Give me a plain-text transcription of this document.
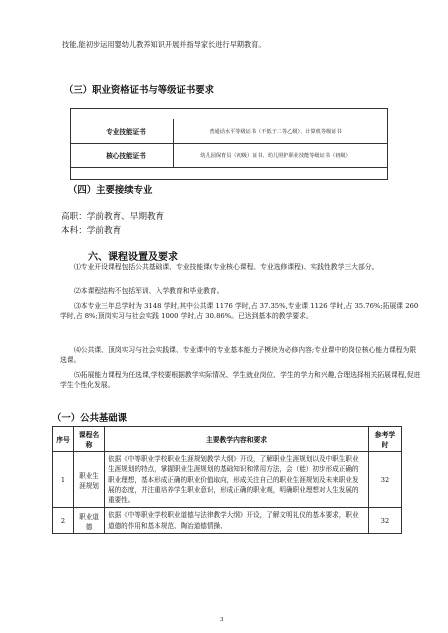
技能,能初步运用婴幼儿教养知识开展并指导家长进行早期教育。
（三）职业资格证书与等级证书要求
专业技能证书	普通话水平等级证书（不低于二等乙级）、计算机等级证书
核心技能证书	幼儿园保育员（初级）证书、幼儿照护职业技能等级证书（初级）
（四）主要接续专业
高职：学前教育、早期教育
本科：学前教育
六、课程设置及要求
⑴专业开设课程包括公共基础课、专业技能课(专业核心课程、专业选修课程)、实践性教学三大部分。
⑵本课程结构不包括军训、入学教育和毕业教育。
⑶本专业三年总学时为 3148 学时,其中公共课 1176 学时,占 37.35%,专业课 1126 学时,占 35.76%;拓展课 260 学时,占 8%;顶岗实习与社会实践 1000 学时,占 30.86%。已达到基本的教学要求。
⑷公共课、顶岗实习与社会实践课、专业课中的专业基本能力子模块为必修内容;专业课中的岗位核心能力课程为限选课。
⑸拓展能力课程为任选课,学校要根据教学实际情况、学生就业岗位、学生的学力和兴趣,合理选择相关拓展课程,促进学生个性化发展。
（一）公共基础课
序号	课程名称	主要教学内容和要求	参考学时
1	职业生涯规划	依据《中等职业学校职业生涯规划教学大纲》开设，了解职业生涯规划以及中职生职业生涯规划的特点，掌握职业生涯规划的基础知识和常用方法，会（能）初步形成正确的职业理想，基本形成正确的职业价值取向，形成关注自己的职业生涯规划及未来职业发展的态度，并注重培养学生职业意识，形成正确的职业观，明确职业理想对人生发展的重要性。	32
2	职业道德	依据《中等职业学校职业道德与法律教学大纲》开设，了解文明礼仪的基本要求，职业道德的作用和基本规范、陶冶道德情操、	32
3
